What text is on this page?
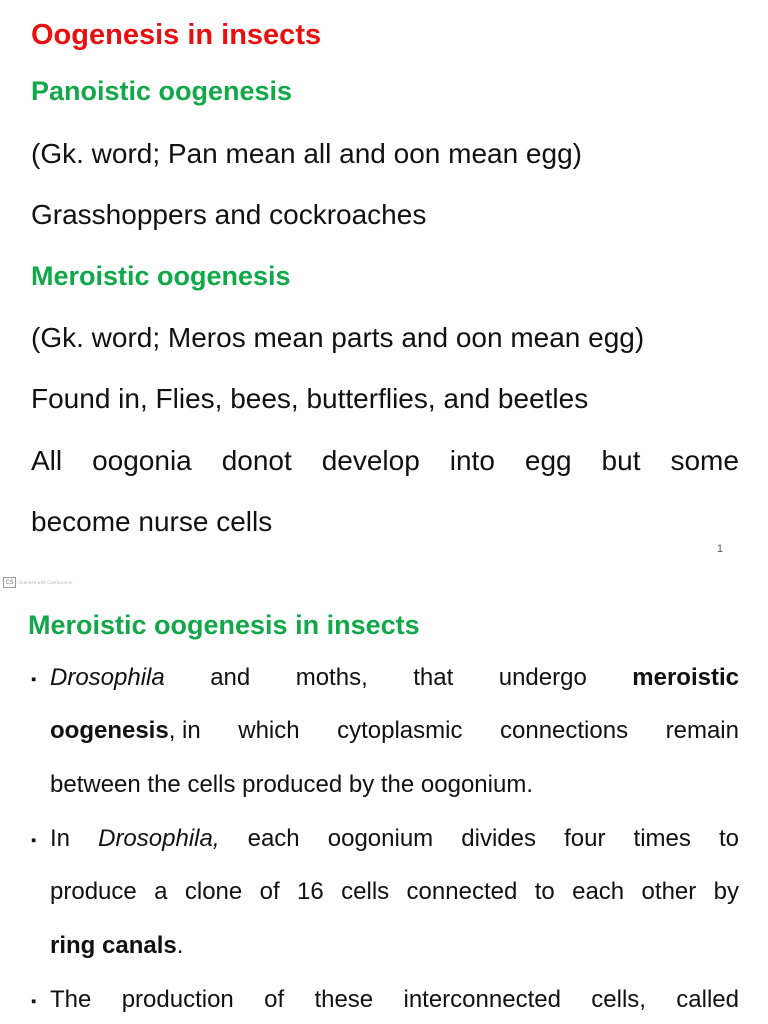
Oogenesis in insects
Panoistic oogenesis
(Gk. word; Pan mean all and oon mean egg)
Grasshoppers and cockroaches
Meroistic oogenesis
(Gk. word; Meros mean parts and oon mean egg)
Found in, Flies, bees, butterflies, and beetles
All oogonia donot develop into egg but some
become nurse cells
1
CS	Scanned with CamScanner
Meroistic oogenesis in insects
▪ Drosophila and moths, that undergo meroistic
oogenesis, in which cytoplasmic connections remain
between the cells produced by the oogonium.
▪ In Drosophila, each oogonium divides four times to
produce a clone of 16 cells connected to each other by
ring canals.
▪ The production of these interconnected cells, called
